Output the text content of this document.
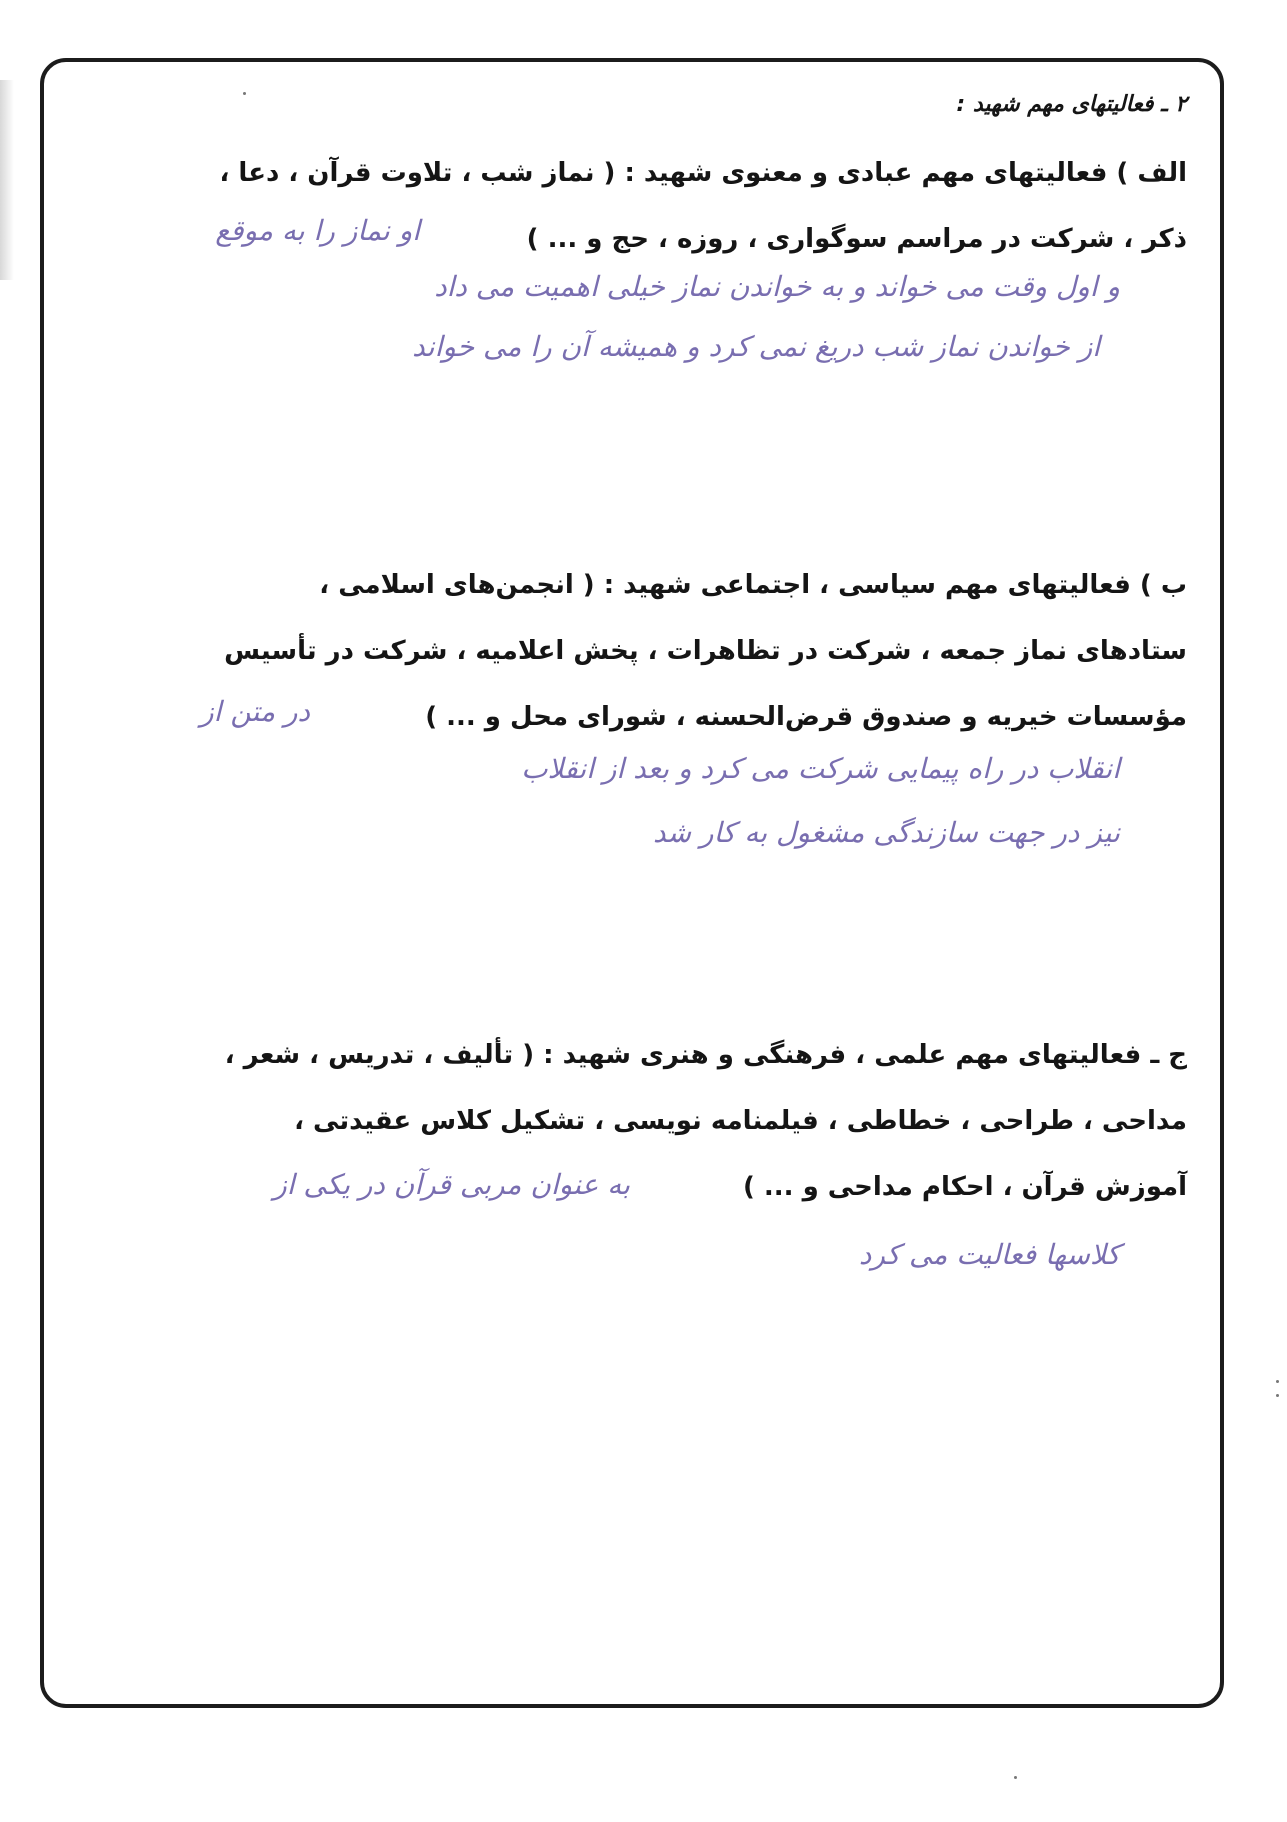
۲ ـ فعالیتهای مهم شهید :

الف ) فعالیتهای مهم عبادی و معنوی شهید : ( نماز شب ، تلاوت قرآن ، دعا ،

ذکر ، شرکت در مراسم سوگواری ، روزه ، حج و ... )

او نماز را به موقع

و اول وقت می خواند و به خواندن نماز خیلی اهمیت می داد

از خواندن نماز شب دریغ نمی کرد و همیشه آن را می خواند

ب ) فعالیتهای مهم سیاسی ، اجتماعی شهید : ( انجمن‌های اسلامی ،

ستادهای نماز جمعه ، شرکت در تظاهرات ، پخش اعلامیه ، شرکت در تأسیس

مؤسسات خیریه و صندوق قرض‌الحسنه ، شورای محل و ... )

در متن از

انقلاب در راه پیمایی شرکت می کرد و بعد از انقلاب

نیز در جهت سازندگی مشغول به کار شد

ج ـ فعالیتهای مهم علمی ، فرهنگی و هنری شهید : ( تألیف ، تدریس ، شعر ،

مداحی ، طراحی ، خطاطی ، فیلمنامه نویسی ، تشکیل کلاس عقیدتی ،

آموزش قرآن ، احکام مداحی و ... )

به عنوان مربی قرآن در یکی از

کلاسها فعالیت می کرد
